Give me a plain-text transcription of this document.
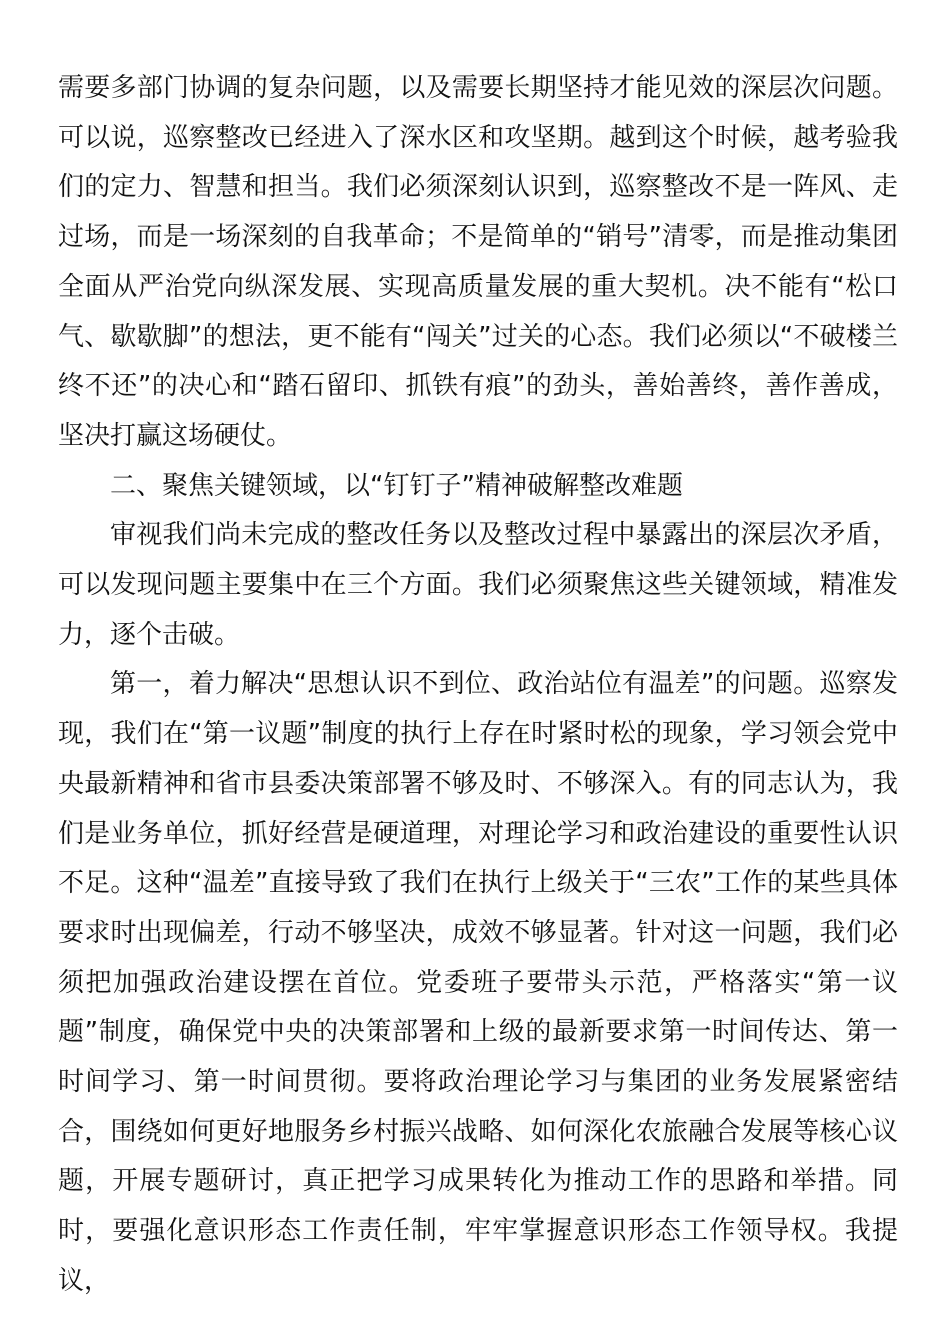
需要多部门协调的复杂问题，以及需要长期坚持才能见效的深层次问题。可以说，巡察整改已经进入了深水区和攻坚期。越到这个时候，越考验我们的定力、智慧和担当。我们必须深刻认识到，巡察整改不是一阵风、走过场，而是一场深刻的自我革命；不是简单的“销号”清零，而是推动集团全面从严治党向纵深发展、实现高质量发展的重大契机。决不能有“松口气、歇歇脚”的想法，更不能有“闯关”过关的心态。我们必须以“不破楼兰终不还”的决心和“踏石留印、抓铁有痕”的劲头，善始善终，善作善成，坚决打赢这场硬仗。

二、聚焦关键领域，以“钉钉子”精神破解整改难题

审视我们尚未完成的整改任务以及整改过程中暴露出的深层次矛盾，可以发现问题主要集中在三个方面。我们必须聚焦这些关键领域，精准发力，逐个击破。

第一，着力解决“思想认识不到位、政治站位有温差”的问题。巡察发现，我们在“第一议题”制度的执行上存在时紧时松的现象，学习领会党中央最新精神和省市县委决策部署不够及时、不够深入。有的同志认为，我们是业务单位，抓好经营是硬道理，对理论学习和政治建设的重要性认识不足。这种“温差”直接导致了我们在执行上级关于“三农”工作的某些具体要求时出现偏差，行动不够坚决，成效不够显著。针对这一问题，我们必须把加强政治建设摆在首位。党委班子要带头示范，严格落实“第一议题”制度，确保党中央的决策部署和上级的最新要求第一时间传达、第一时间学习、第一时间贯彻。要将政治理论学习与集团的业务发展紧密结合，围绕如何更好地服务乡村振兴战略、如何深化农旅融合发展等核心议题，开展专题研讨，真正把学习成果转化为推动工作的思路和举措。同时，要强化意识形态工作责任制，牢牢掌握意识形态工作领导权。我提议，
